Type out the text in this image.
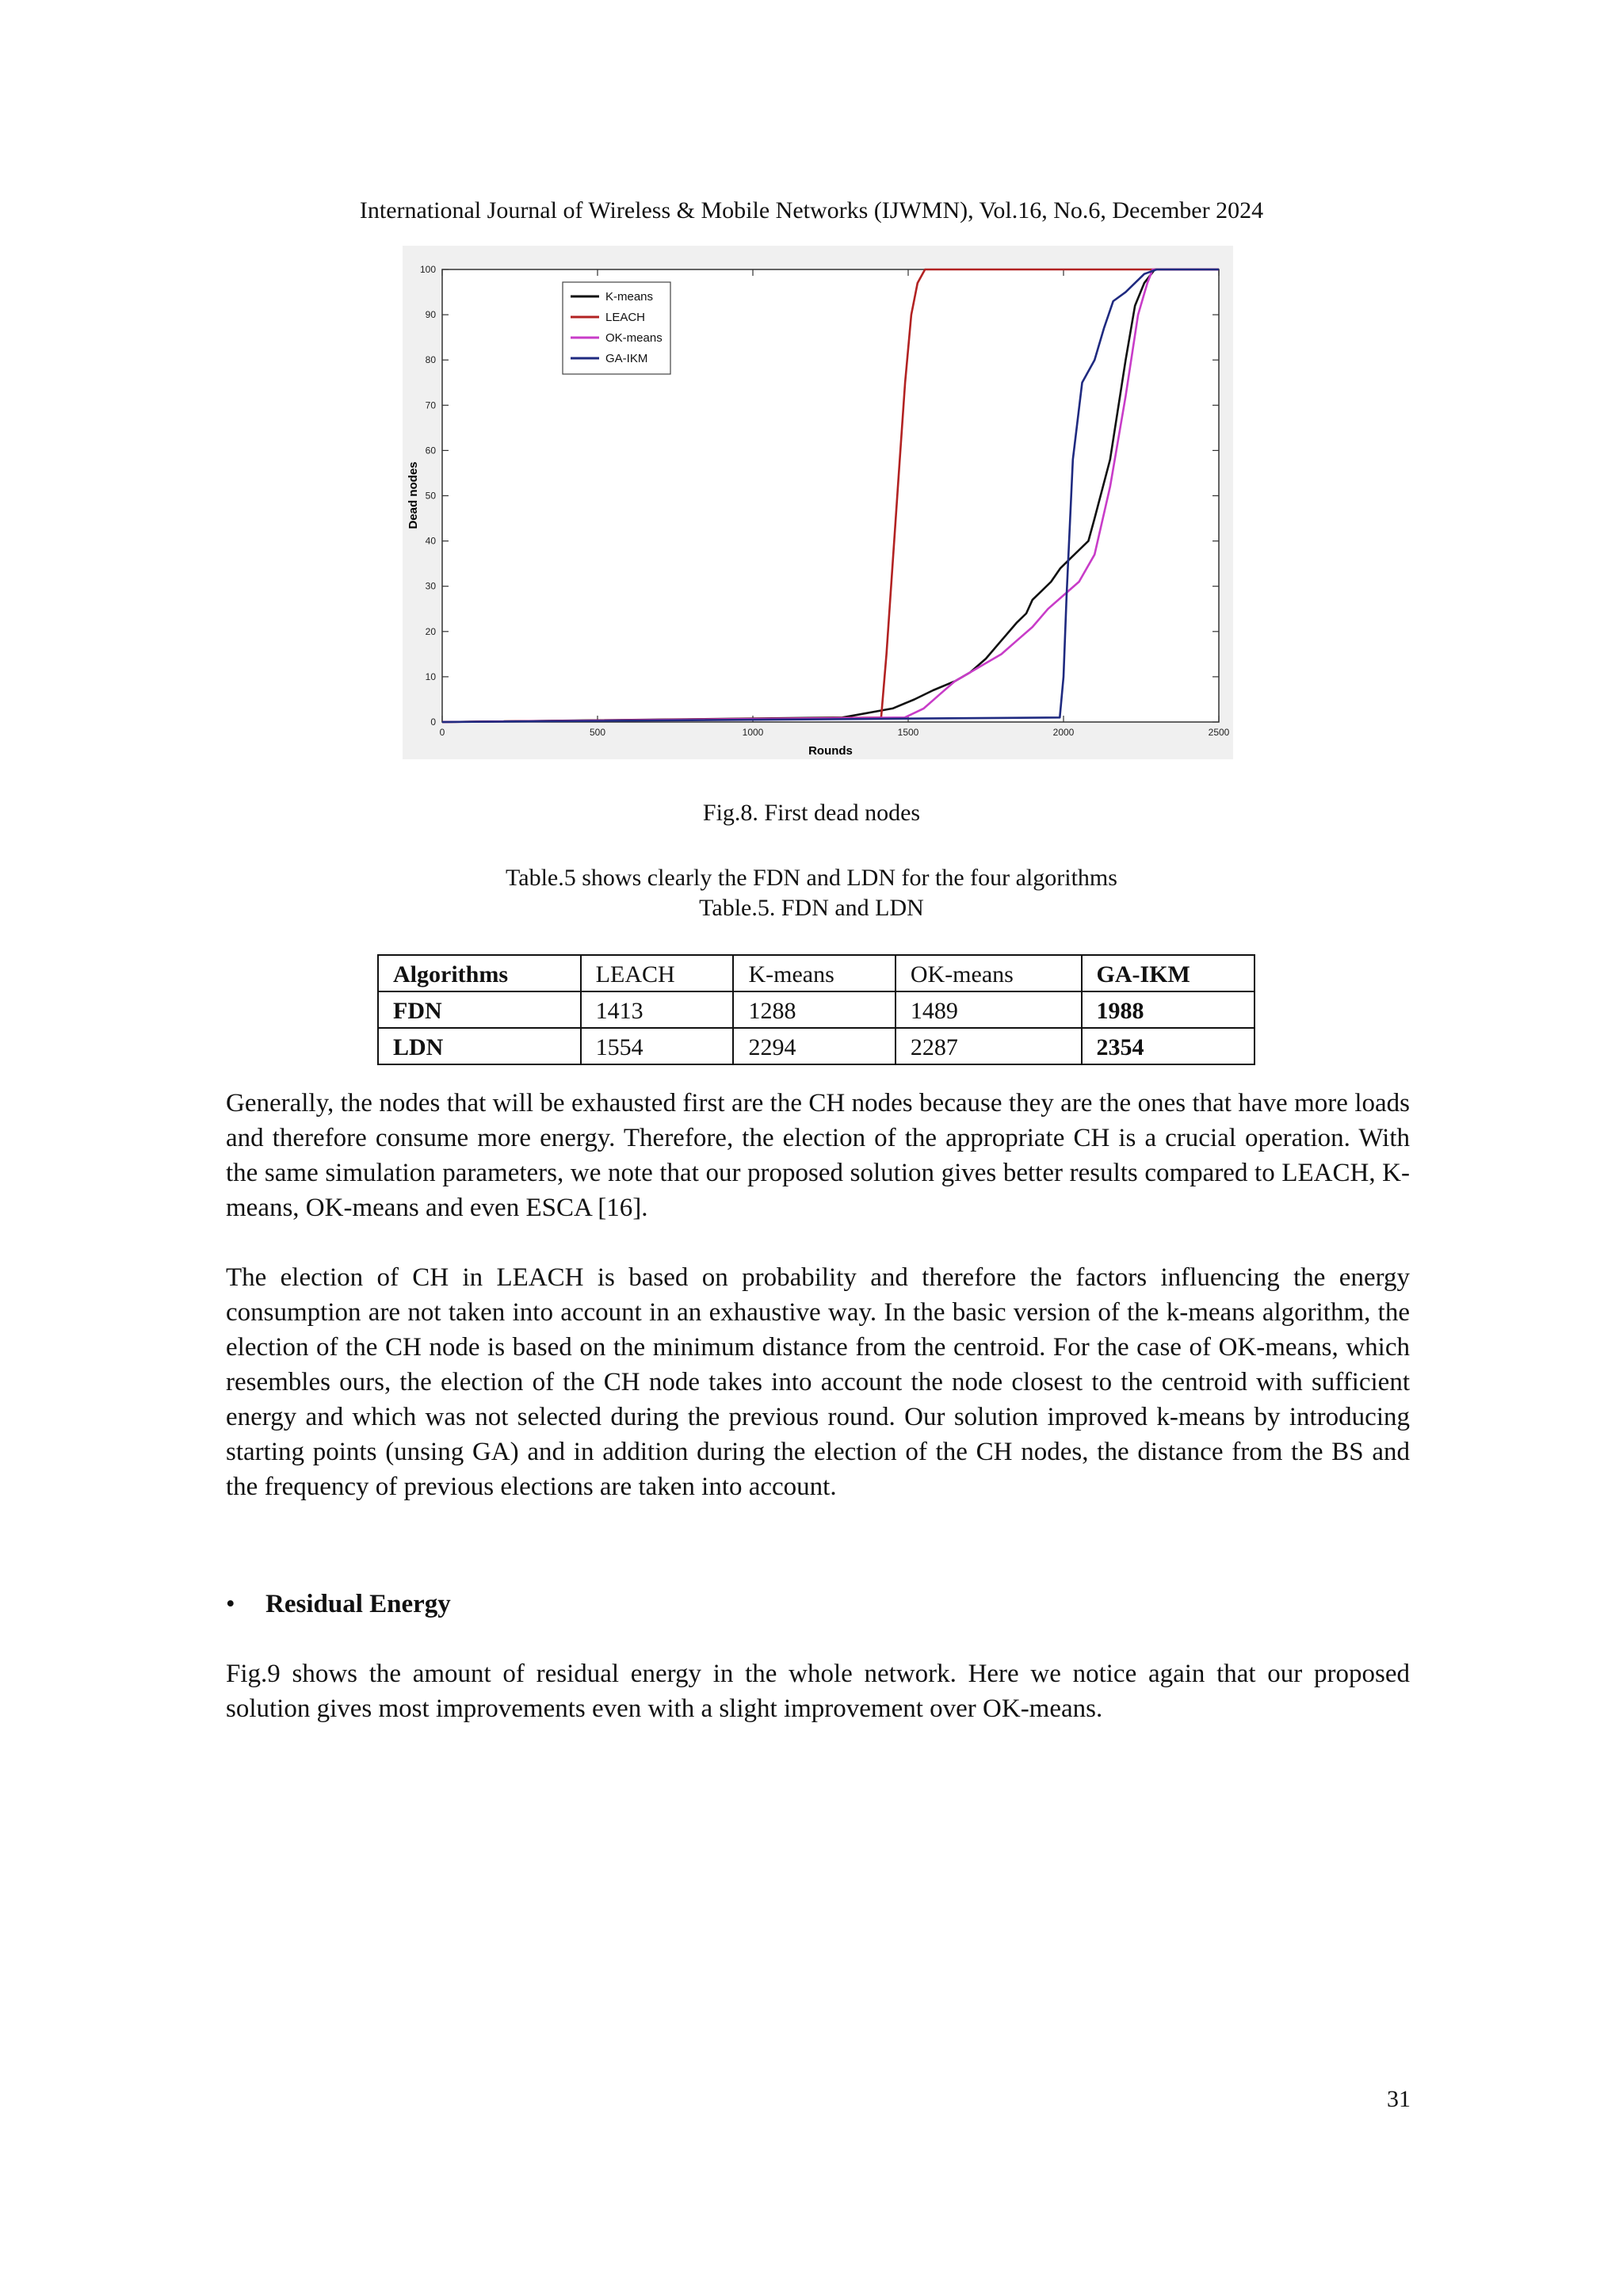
International Journal of Wireless & Mobile Networks (IJWMN), Vol.16, No.6, December 2024
0	500	1000	1500	2000	2500
0
10
20
30
40
50
60
70
80
90
100
K-means
LEACH
OK-means
GA-IKM
Rounds
Dead nodes
Fig.8. First dead nodes
Table.5 shows clearly the FDN and LDN for the four algorithms
Table.5. FDN and LDN
Algorithms	LEACH	K-means	OK-means	GA-IKM
FDN	1413	1288	1489	1988
LDN	1554	2294	2287	2354

Generally, the nodes that will be exhausted first are the CH nodes because they are the ones that have more loads and therefore consume more energy. Therefore, the election of the appropriate CH is a crucial operation. With the same simulation parameters, we note that our proposed solution gives better results compared to LEACH, K-means, OK-means and even ESCA [16].

The election of CH in LEACH is based on probability and therefore the factors influencing the energy consumption are not taken into account in an exhaustive way. In the basic version of the k-means algorithm, the election of the CH node is based on the minimum distance from the centroid. For the case of OK-means, which resembles ours, the election of the CH node takes into account the node closest to the centroid with sufficient energy and which was not selected during the previous round. Our solution improved k-means by introducing starting points (unsing GA) and in addition during the election of the CH nodes, the distance from the BS and the frequency of previous elections are taken into account.

• Residual Energy

Fig.9 shows the amount of residual energy in the whole network. Here we notice again that our proposed solution gives most improvements even with a slight improvement over OK-means.

31
